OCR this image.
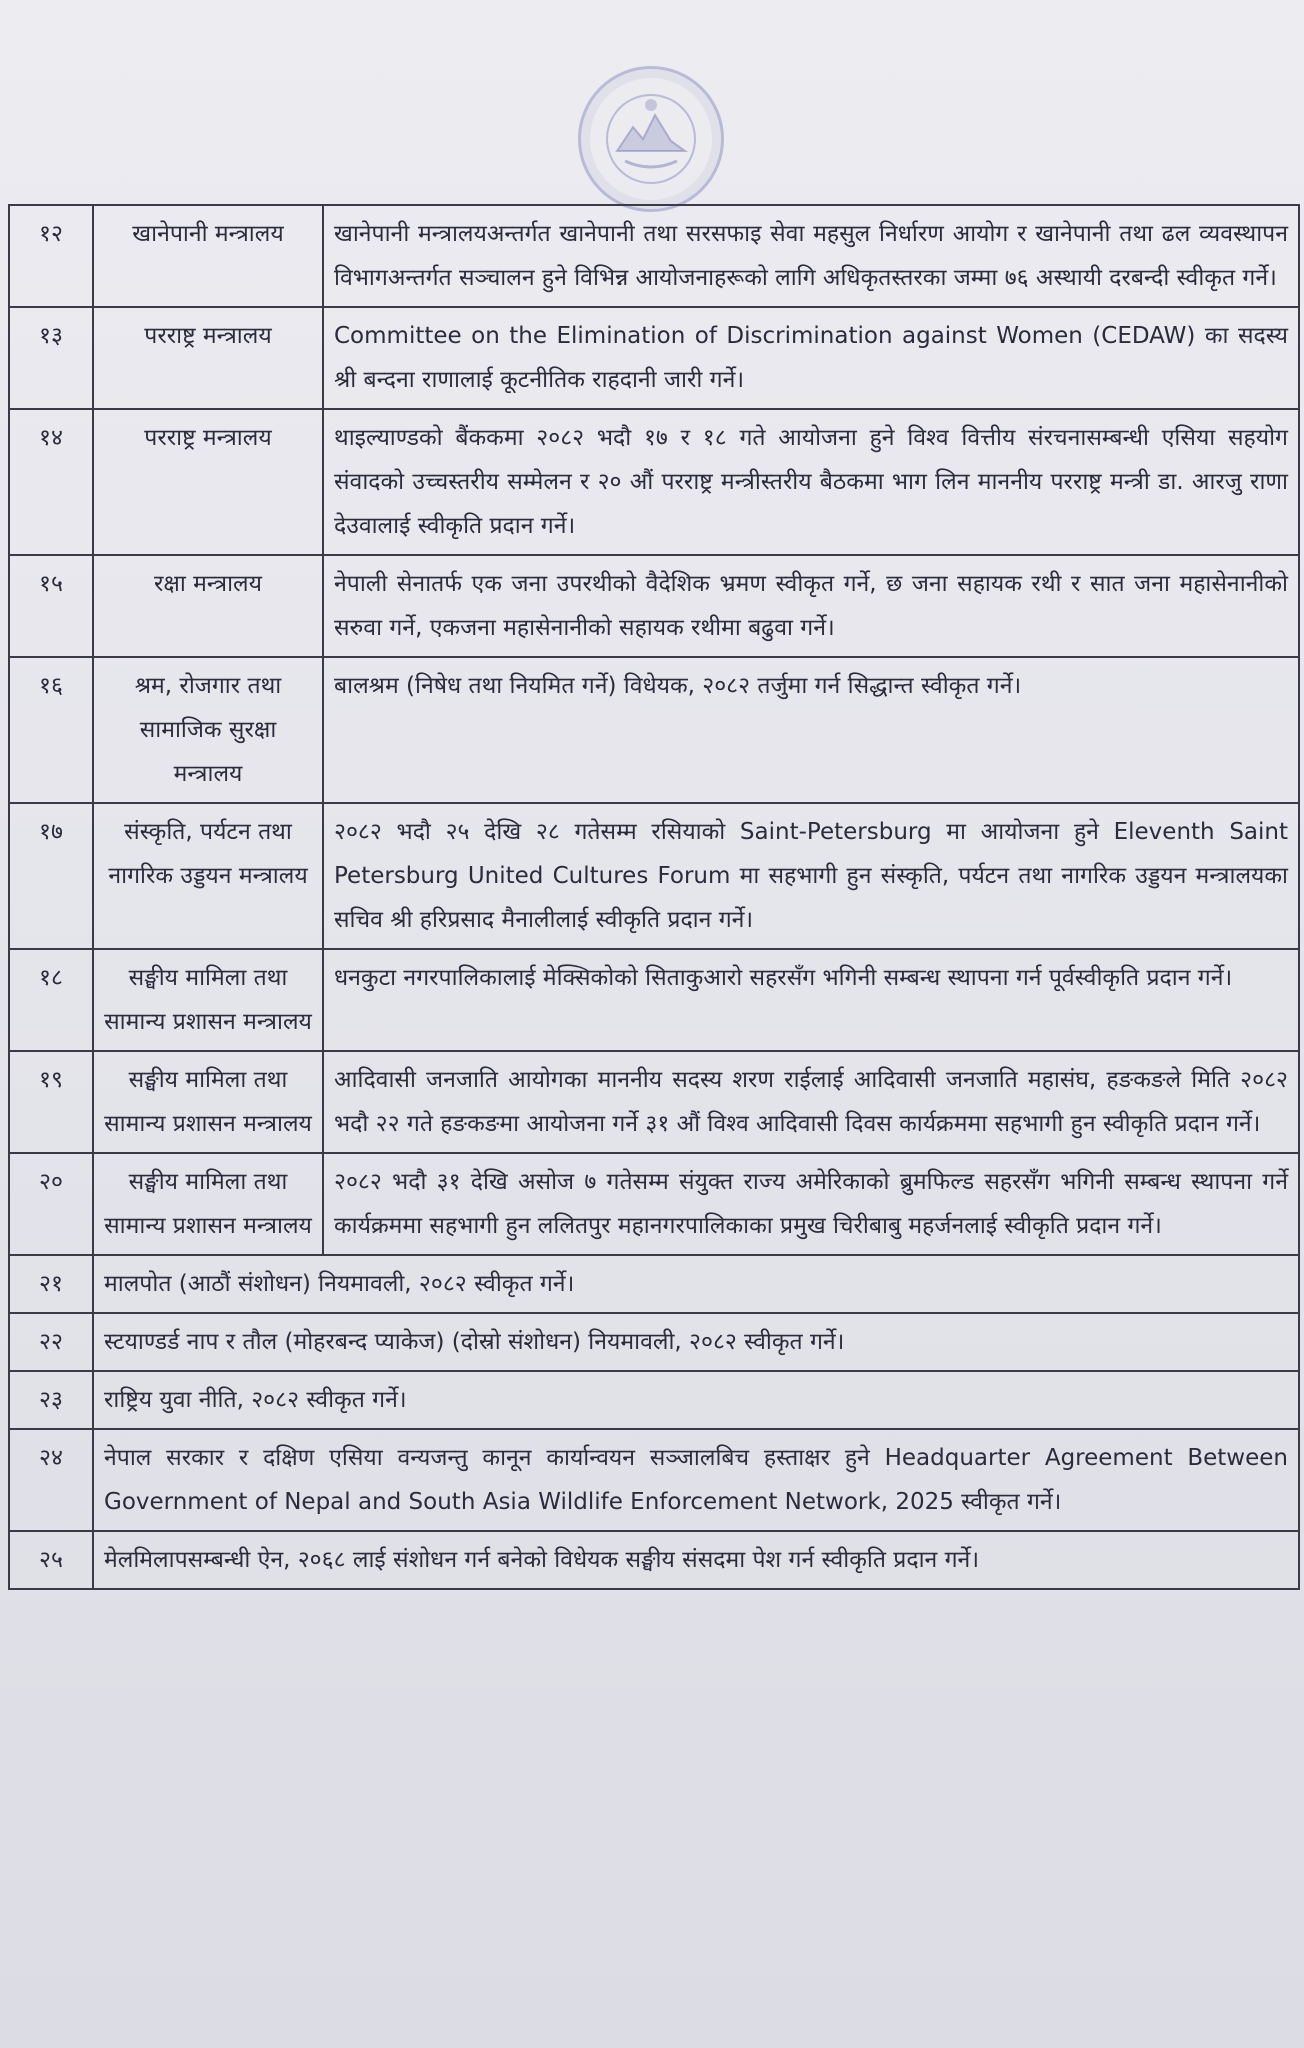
१२	खानेपानी मन्त्रालय	खानेपानी मन्त्रालयअन्तर्गत खानेपानी तथा सरसफाइ सेवा महसुल निर्धारण आयोग र खानेपानी तथा ढल व्यवस्थापन विभागअन्तर्गत सञ्चालन हुने विभिन्न आयोजनाहरूको लागि अधिकृतस्तरका जम्मा ७६ अस्थायी दरबन्दी स्वीकृत गर्ने।
१३	परराष्ट्र मन्त्रालय	Committee on the Elimination of Discrimination against Women (CEDAW) का सदस्य श्री बन्दना राणालाई कूटनीतिक राहदानी जारी गर्ने।
१४	परराष्ट्र मन्त्रालय	थाइल्याण्डको बैंककमा २०८२ भदौ १७ र १८ गते आयोजना हुने विश्व वित्तीय संरचनासम्बन्धी एसिया सहयोग संवादको उच्चस्तरीय सम्मेलन र २० औं परराष्ट्र मन्त्रीस्तरीय बैठकमा भाग लिन माननीय परराष्ट्र मन्त्री डा. आरजु राणा देउवालाई स्वीकृति प्रदान गर्ने।
१५	रक्षा मन्त्रालय	नेपाली सेनातर्फ एक जना उपरथीको वैदेशिक भ्रमण स्वीकृत गर्ने, छ जना सहायक रथी र सात जना महासेनानीको सरुवा गर्ने, एकजना महासेनानीको सहायक रथीमा बढुवा गर्ने।
१६	श्रम, रोजगार तथा सामाजिक सुरक्षा मन्त्रालय	बालश्रम (निषेध तथा नियमित गर्ने) विधेयक, २०८२ तर्जुमा गर्न सिद्धान्त स्वीकृत गर्ने।
१७	संस्कृति, पर्यटन तथा नागरिक उड्डयन मन्त्रालय	२०८२ भदौ २५ देखि २८ गतेसम्म रसियाको Saint-Petersburg मा आयोजना हुने Eleventh Saint Petersburg United Cultures Forum मा सहभागी हुन संस्कृति, पर्यटन तथा नागरिक उड्डयन मन्त्रालयका सचिव श्री हरिप्रसाद मैनालीलाई स्वीकृति प्रदान गर्ने।
१८	सङ्घीय मामिला तथा सामान्य प्रशासन मन्त्रालय	धनकुटा नगरपालिकालाई मेक्सिकोको सिताकुआरो सहरसँग भगिनी सम्बन्ध स्थापना गर्न पूर्वस्वीकृति प्रदान गर्ने।
१९	सङ्घीय मामिला तथा सामान्य प्रशासन मन्त्रालय	आदिवासी जनजाति आयोगका माननीय सदस्य शरण राईलाई आदिवासी जनजाति महासंघ, हङकङले मिति २०८२ भदौ २२ गते हङकङमा आयोजना गर्ने ३१ औं विश्व आदिवासी दिवस कार्यक्रममा सहभागी हुन स्वीकृति प्रदान गर्ने।
२०	सङ्घीय मामिला तथा सामान्य प्रशासन मन्त्रालय	२०८२ भदौ ३१ देखि असोज ७ गतेसम्म संयुक्त राज्य अमेरिकाको ब्रुमफिल्ड सहरसँग भगिनी सम्बन्ध स्थापना गर्ने कार्यक्रममा सहभागी हुन ललितपुर महानगरपालिकाका प्रमुख चिरीबाबु महर्जनलाई स्वीकृति प्रदान गर्ने।
२१	मालपोत (आठौं संशोधन) नियमावली, २०८२ स्वीकृत गर्ने।	
२२	स्टयाण्डर्ड नाप र तौल (मोहरबन्द प्याकेज) (दोस्रो संशोधन) नियमावली, २०८२ स्वीकृत गर्ने।	
२३	राष्ट्रिय युवा नीति, २०८२ स्वीकृत गर्ने।	
२४	नेपाल सरकार र दक्षिण एसिया वन्यजन्तु कानून कार्यान्वयन सञ्जालबिच हस्ताक्षर हुने Headquarter Agreement Between Government of Nepal and South Asia Wildlife Enforcement Network, 2025 स्वीकृत गर्ने।	
२५	मेलमिलापसम्बन्धी ऐन, २०६८ लाई संशोधन गर्न बनेको विधेयक सङ्घीय संसदमा पेश गर्न स्वीकृति प्रदान गर्ने।	
